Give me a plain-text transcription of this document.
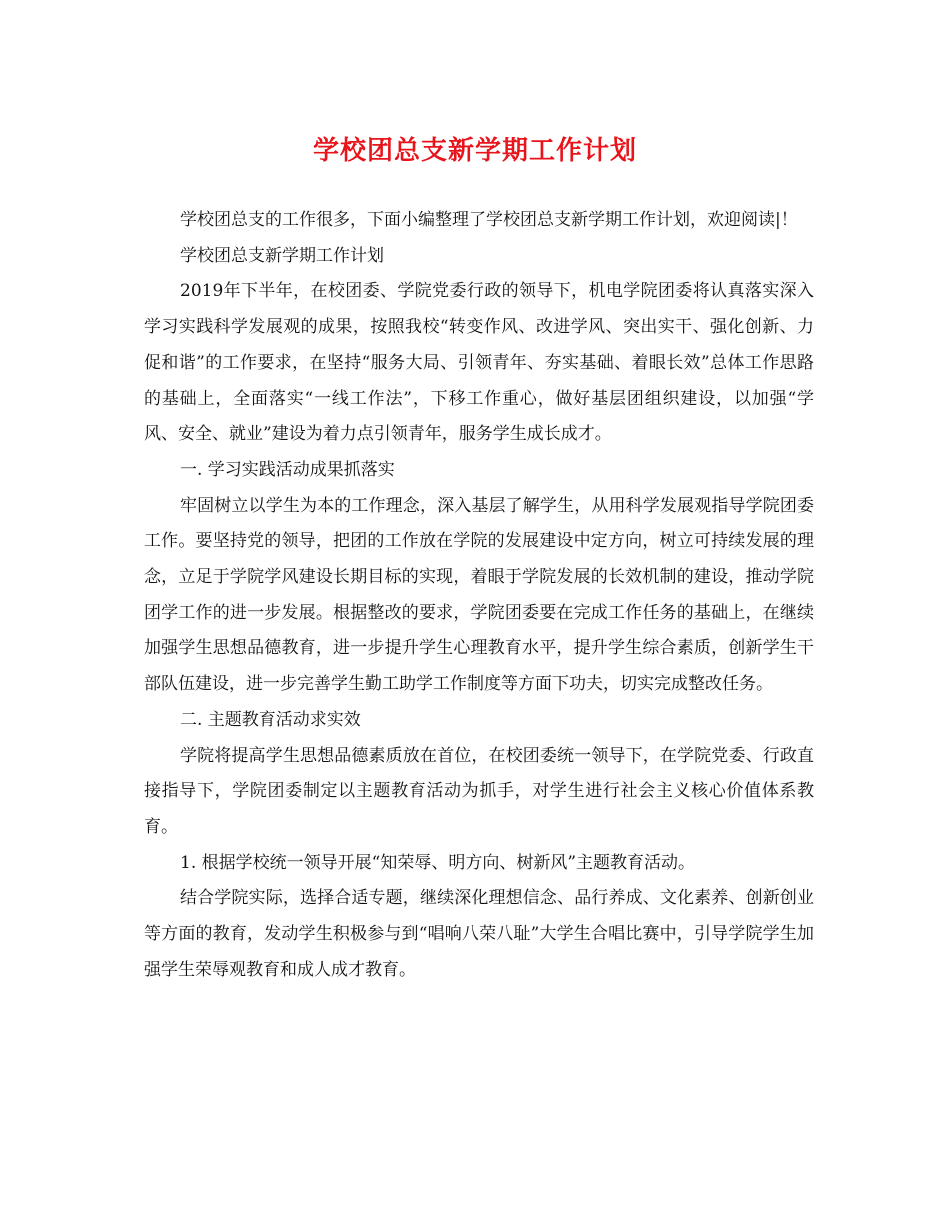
学校团总支新学期工作计划

学校团总支的工作很多，下面小编整理了学校团总支新学期工作计划，欢迎阅读|！

学校团总支新学期工作计划

2019年下半年，在校团委、学院党委行政的领导下，机电学院团委将认真落实深入学习实践科学发展观的成果，按照我校“转变作风、改进学风、突出实干、强化创新、力促和谐”的工作要求，在坚持“服务大局、引领青年、夯实基础、着眼长效”总体工作思路的基础上，全面落实“一线工作法”，下移工作重心，做好基层团组织建设，以加强“学风、安全、就业”建设为着力点引领青年，服务学生成长成才。

一. 学习实践活动成果抓落实

牢固树立以学生为本的工作理念，深入基层了解学生，从用科学发展观指导学院团委工作。要坚持党的领导，把团的工作放在学院的发展建设中定方向，树立可持续发展的理念，立足于学院学风建设长期目标的实现，着眼于学院发展的长效机制的建设，推动学院团学工作的进一步发展。根据整改的要求，学院团委要在完成工作任务的基础上，在继续加强学生思想品德教育，进一步提升学生心理教育水平，提升学生综合素质，创新学生干部队伍建设，进一步完善学生勤工助学工作制度等方面下功夫，切实完成整改任务。

二. 主题教育活动求实效

学院将提高学生思想品德素质放在首位，在校团委统一领导下，在学院党委、行政直接指导下，学院团委制定以主题教育活动为抓手，对学生进行社会主义核心价值体系教育。

1. 根据学校统一领导开展“知荣辱、明方向、树新风”主题教育活动。

结合学院实际，选择合适专题，继续深化理想信念、品行养成、文化素养、创新创业等方面的教育，发动学生积极参与到“唱响八荣八耻”大学生合唱比赛中，引导学院学生加强学生荣辱观教育和成人成才教育。
